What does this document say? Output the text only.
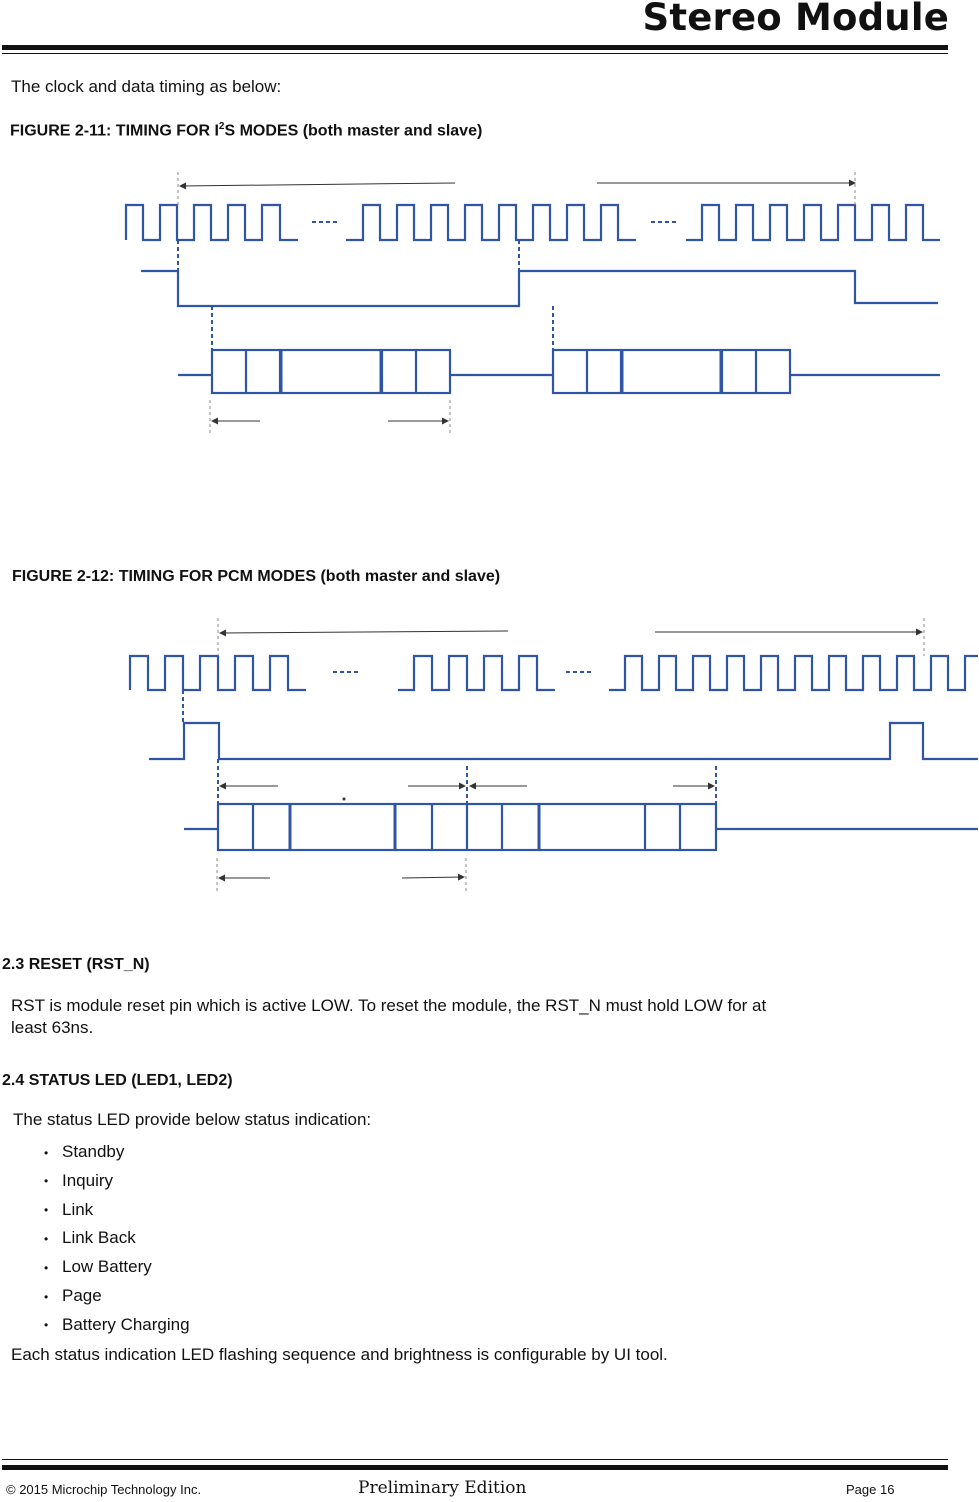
Stereo Module
The clock and data timing as below:
FIGURE 2-11: TIMING FOR $I^2S$ MODES (both master and slave)
FIGURE 2-12: TIMING FOR PCM MODES (both master and slave)
2.3 RESET (RST_N)
RST is module reset pin which is active LOW. To reset the module, the RST_N must hold LOW for at
least 63ns.
2.4 STATUS LED (LED1, LED2)
The status LED provide below status indication:
• Standby
• Inquiry
• Link
• Link Back
• Low Battery
• Page
• Battery Charging
Each status indication LED flashing sequence and brightness is configurable by UI tool.
© 2015 Microchip Technology Inc.	Preliminary Edition	Page 16
